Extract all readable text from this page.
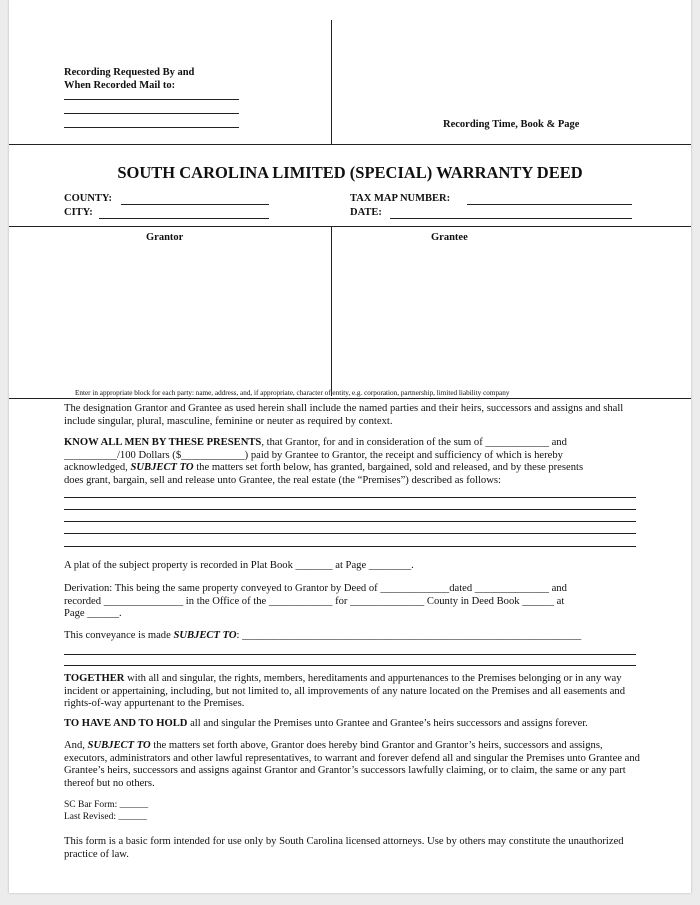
Recording Requested By and
When Recorded Mail to:
Recording Time, Book & Page
SOUTH CAROLINA LIMITED (SPECIAL) WARRANTY DEED
COUNTY:
CITY:
TAX MAP NUMBER:
DATE:
Grantor	Grantee
Enter in appropriate block for each party: name, address, and, if appropriate, character of entity, e.g. corporation, partnership, limited liability company
The designation Grantor and Grantee as used herein shall include the named parties and their heirs, successors and assigns and shall include singular, plural, masculine, feminine or neuter as required by context.
KNOW ALL MEN BY THESE PRESENTS, that Grantor, for and in consideration of the sum of ____________ and
__________/100 Dollars ($____________) paid by Grantee to Grantor, the receipt and sufficiency of which is hereby
acknowledged, SUBJECT TO the matters set forth below, has granted, bargained, sold and released, and by these presents
does grant, bargain, sell and release unto Grantee, the real estate (the “Premises”) described as follows:
A plat of the subject property is recorded in Plat Book _______ at Page ________.
Derivation: This being the same property conveyed to Grantor by Deed of _____________dated ______________ and
recorded _______________ in the Office of the ____________ for ______________ County in Deed Book ______ at
Page ______.
This conveyance is made SUBJECT TO: ________________________________________________________________
TOGETHER with all and singular, the rights, members, hereditaments and appurtenances to the Premises belonging or in any way incident or appertaining, including, but not limited to, all improvements of any nature located on the Premises and all easements and rights-of-way appurtenant to the Premises.
TO HAVE AND TO HOLD all and singular the Premises unto Grantee and Grantee’s heirs successors and assigns forever.
And, SUBJECT TO the matters set forth above, Grantor does hereby bind Grantor and Grantor’s heirs, successors and assigns, executors, administrators and other lawful representatives, to warrant and forever defend all and singular the Premises unto Grantee and Grantee’s heirs, successors and assigns against Grantor and Grantor’s successors lawfully claiming, or to claim, the same or any part thereof but no others.
SC Bar Form: ______
Last Revised: ______
This form is a basic form intended for use only by South Carolina licensed attorneys. Use by others may constitute the unauthorized practice of law.
